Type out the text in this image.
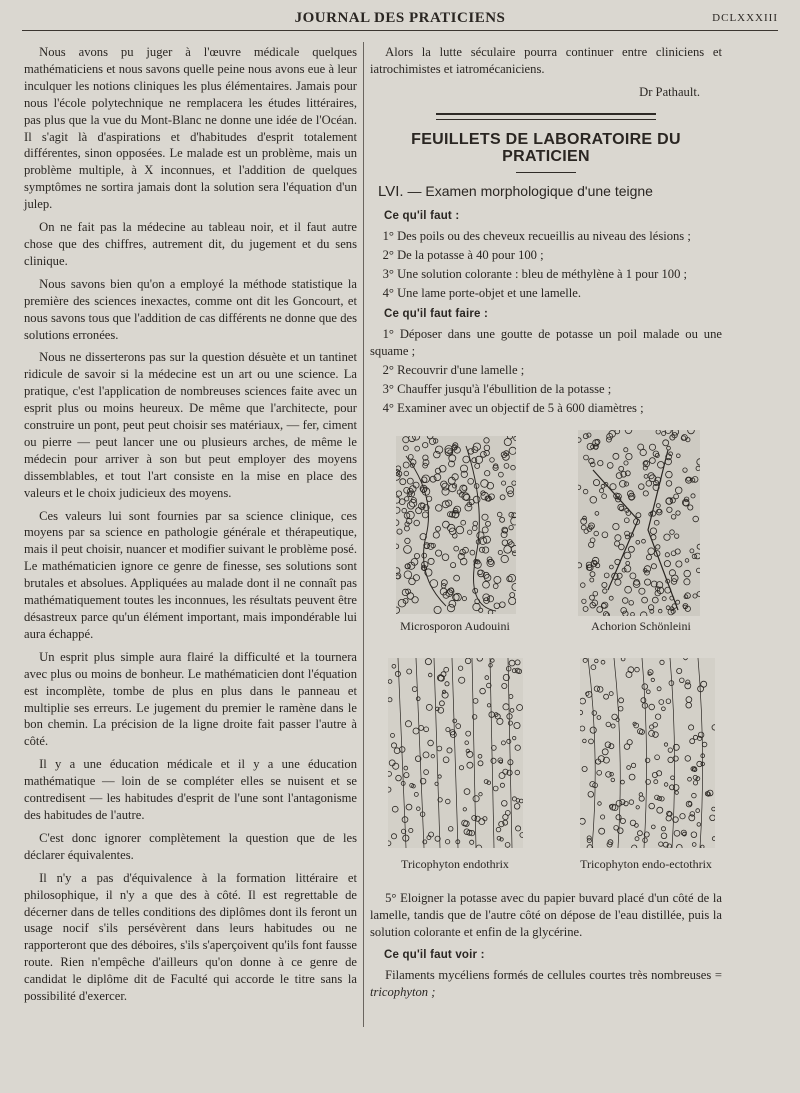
JOURNAL DES PRATICIENS	DCLXXXIII

Nous avons pu juger à l'œuvre médicale quelques mathématiciens et nous savons quelle peine nous avons eue à leur inculquer les notions cliniques les plus élémentaires. Jamais pour nous l'école polytechnique ne remplacera les études littéraires, pas plus que la vue du Mont-Blanc ne donne une idée de l'Océan. Il s'agit là d'aspirations et d'habitudes d'esprit totalement différentes, sinon opposées. Le malade est un problème, mais un problème multiple, à X inconnues, et l'addition de quelques symptômes ne sortira jamais dont la solution sera l'équation d'un julep.

On ne fait pas la médecine au tableau noir, et il faut autre chose que des chiffres, autrement dit, du jugement et du sens clinique.

Nous savons bien qu'on a employé la méthode statistique la première des sciences inexactes, comme ont dit les Goncourt, et nous savons tous que l'addition de cas différents ne donne que des solutions erronées.

Nous ne disserterons pas sur la question désuète et un tantinet ridicule de savoir si la médecine est un art ou une science. La pratique, c'est l'application de nombreuses sciences faite avec un esprit plus ou moins heureux. De même que l'architecte, pour construire un pont, peut peut choisir ses matériaux, — fer, ciment ou pierre — peut lancer une ou plusieurs arches, de même le médecin pour arriver à son but peut employer des moyens dissemblables, et tout l'art consiste en la mise en place des valeurs et le choix judicieux des moyens.

Ces valeurs lui sont fournies par sa science clinique, ces moyens par sa science en pathologie générale et thérapeutique, mais il peut choisir, nuancer et modifier suivant le problème posé. Le mathématicien ignore ce genre de finesse, ses solutions sont brutales et absolues. Appliquées au malade dont il ne connaît pas mathématiquement toutes les inconnues, les résultats peuvent être désastreux parce qu'un élément important, mais impondérable lui aura échappé.

Un esprit plus simple aura flairé la difficulté et la tournera avec plus ou moins de bonheur. Le mathématicien dont l'équation est incomplète, tombe de plus en plus dans le panneau et multiplie ses erreurs. Le jugement du premier le ramène dans le bon chemin. La précision de la ligne droite fait passer l'autre à côté.

Il y a une éducation médicale et il y a une éducation mathématique — loin de se compléter elles se nuisent et se contredisent — les habitudes d'esprit de l'une sont l'antagonisme des habitudes de l'autre.

C'est donc ignorer complètement la question que de les déclarer équivalentes.

Il n'y a pas d'équivalence à la formation littéraire et philosophique, il n'y a que des à côté. Il est regrettable de décerner dans de telles conditions des diplômes dont ils feront un usage nocif s'ils persévèrent dans leurs habitudes ou ne rapporteront que des déboires, s'ils s'aperçoivent qu'ils font fausse route. Rien n'empêche d'ailleurs qu'on donne à ce genre de candidat le diplôme dit de Faculté qui accorde le titre sans la possibilité d'exercer.

Alors la lutte séculaire pourra continuer entre cliniciens et iatrochimistes et iatromécaniciens.

Dr Pathault.
FEUILLETS DE LABORATOIRE DU PRATICIEN
LVI. — Examen morphologique d'une teigne
Ce qu'il faut :
1° Des poils ou des cheveux recueillis au niveau des lésions ;
2° De la potasse à 40 pour 100 ;
3° Une solution colorante : bleu de méthylène à 1 pour 100 ;
4° Une lame porte-objet et une lamelle.
Ce qu'il faut faire :
1° Déposer dans une goutte de potasse un poil malade ou une squame ;
2° Recouvrir d'une lamelle ;
3° Chauffer jusqu'à l'ébullition de la potasse ;
4° Examiner avec un objectif de 5 à 600 diamètres ;
Microsporon Audouini	Achorion Schönleini
Tricophyton endothrix	Tricophyton endo-ectothrix

5° Eloigner la potasse avec du papier buvard placé d'un côté de la lamelle, tandis que de l'autre côté on dépose de l'eau distillée, puis la solution colorante et enfin de la glycérine.

Ce qu'il faut voir :

Filaments mycéliens formés de cellules courtes très nombreuses = tricophyton ;
